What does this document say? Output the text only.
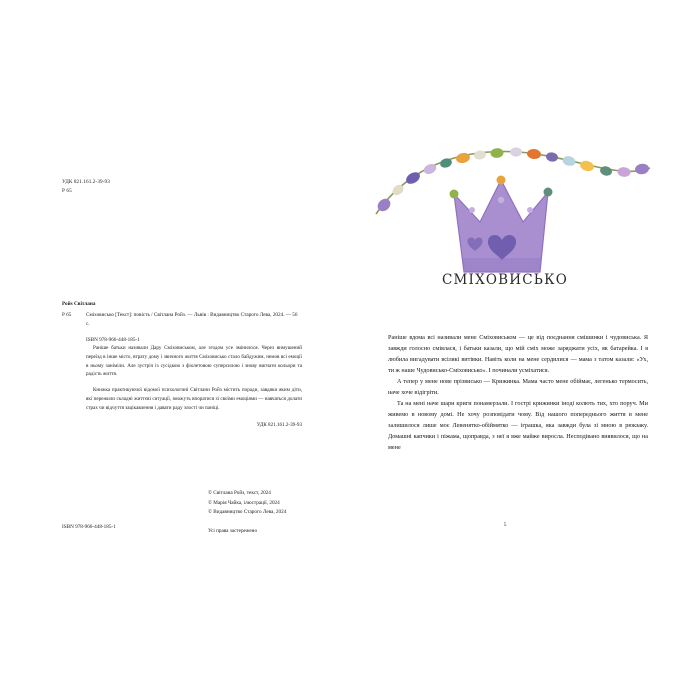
УДК 821.161.2-39-93
Р 65
Ройs Світлана
Р 65	Сміховисько [Текст]: повість / Світлана Ройз. — Львів : Видавництво Старого Лева, 2024. — 56 с.
ISBN 978-966-448-185-1

Раніше батьки називали Дару Сміховиськом, але згодом усе змінилося. Через вимушений переїзд в інше місто, втрату дому і звичного життя Сміховисько стало байдужим, немов всі емоції в ньому заніміли. Але зустріч із сусідкою з фіолетовою суперсилою і знову вигнати кольори та радість життя.

Книжка практикуючої відомої психологині Світлани Ройз містить поради, завдяки яким діти, які пережили складні життєві ситуації, зможуть впоратися зі своїми емоціями — навчаться долати страх чи відчуття зацікавлення і давати раду злості чи паніці.

УДК 821.161.2-39-93

© Світлана Ройз, текст, 2024
© Марія Чайка, ілюстрації, 2024
© Видавництво Старого Лева, 2024
ISBN 978-966-448-185-1
Усі права застережено
СМІХОВИСЬКО

Раніше вдома всі називали мене Сміховиськом — це від поєднання смішинки і чудовиська. Я завжди голосно сміялася, і батьки казали, що мій сміх може заряджати усіх, як батарейка. І я любила вигадувати всілякі витівки. Навіть коли на мене сердилися — мама з татом казали: «Ух, ти ж наше Чудовисько-Сміховисько». І починали усміхатися.

А тепер у мене нове прізвисько — Крижинка. Мама часто мене обіймає, легенько термосить, наче хоче відігріти.

Та на мені наче шари криги понамерзали. І гострі крижинки іноді колють тих, хто поруч. Ми живемо в новому домі. Не хочу розповідати чому. Від нашого попереднього життя в мене залишилося лише моє Левенятко-обіймятко — іграшка, яка завжди була зі мною в рюкзаку. Домашні капчики і піжама, щоправда, з неї я вже майже виросла. Несподівано виявилося, що на мене

5
